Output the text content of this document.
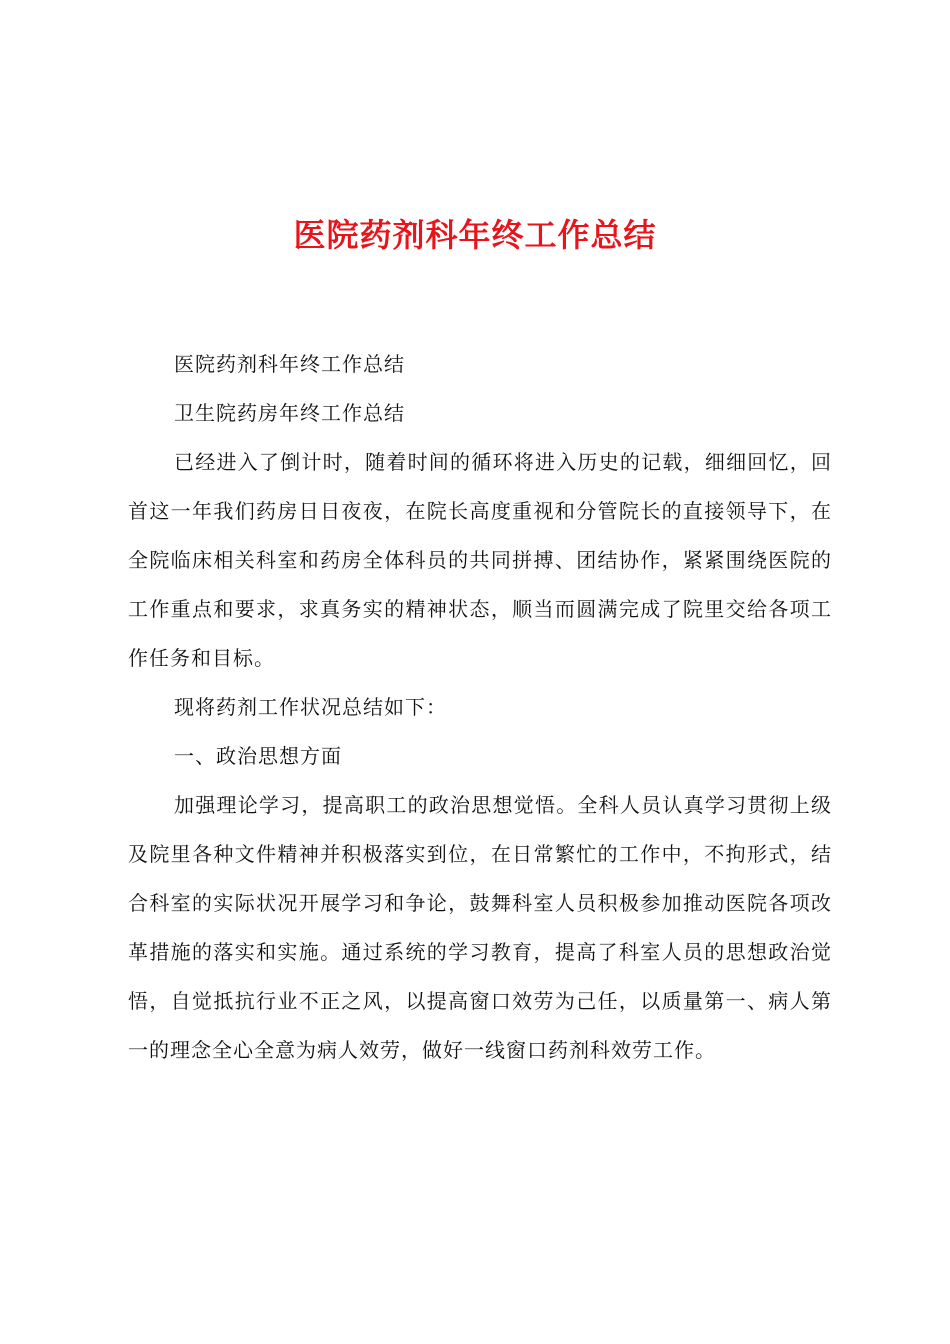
医院药剂科年终工作总结

医院药剂科年终工作总结

卫生院药房年终工作总结

已经进入了倒计时，随着时间的循环将进入历史的记载，细细回忆，回首这一年我们药房日日夜夜，在院长高度重视和分管院长的直接领导下，在全院临床相关科室和药房全体科员的共同拼搏、团结协作，紧紧围绕医院的工作重点和要求，求真务实的精神状态，顺当而圆满完成了院里交给各项工作任务和目标。

现将药剂工作状况总结如下：

一、政治思想方面

加强理论学习，提高职工的政治思想觉悟。全科人员认真学习贯彻上级及院里各种文件精神并积极落实到位，在日常繁忙的工作中，不拘形式，结合科室的实际状况开展学习和争论，鼓舞科室人员积极参加推动医院各项改革措施的落实和实施。通过系统的学习教育，提高了科室人员的思想政治觉悟，自觉抵抗行业不正之风，以提高窗口效劳为己任，以质量第一、病人第一的理念全心全意为病人效劳，做好一线窗口药剂科效劳工作。
